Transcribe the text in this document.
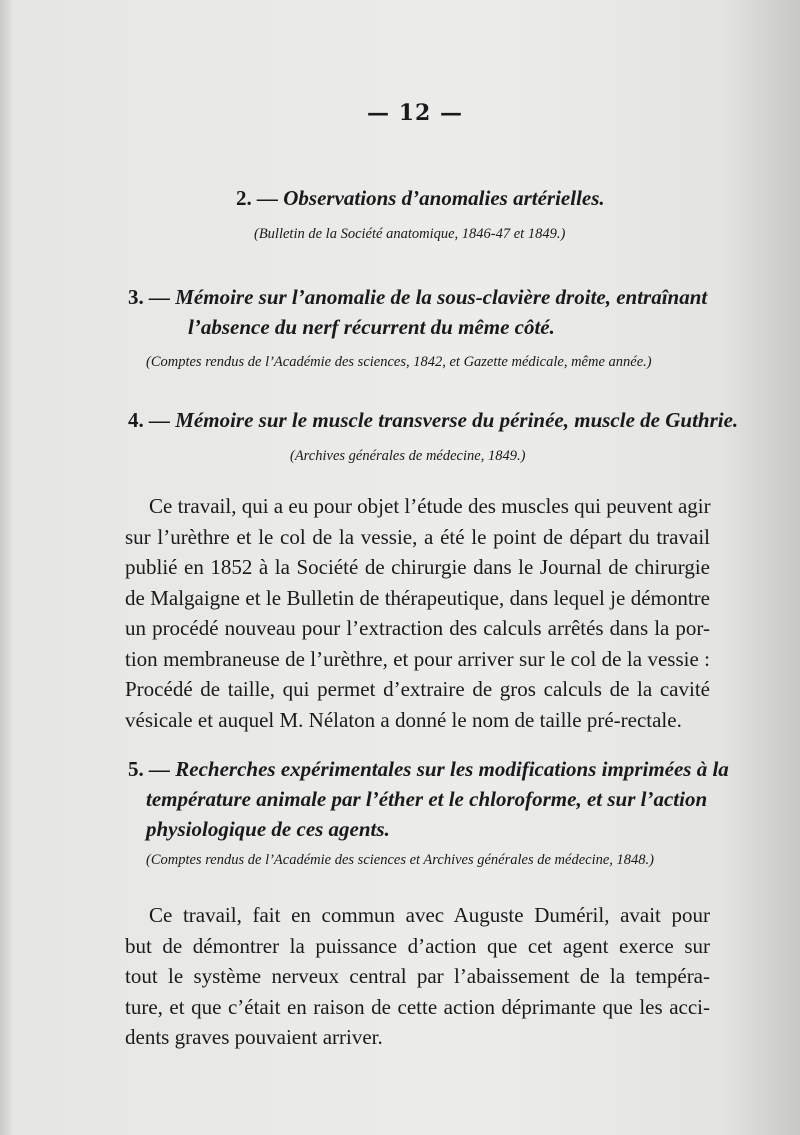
— 12 —
2. — Observations d’anomalies artérielles.
(Bulletin de la Société anatomique, 1846-47 et 1849.)
3. — Mémoire sur l’anomalie de la sous-clavière droite, entraînant
l’absence du nerf récurrent du même côté.
(Comptes rendus de l’Académie des sciences, 1842, et Gazette médicale, même année.)
4. — Mémoire sur le muscle transverse du périnée, muscle de Guthrie.
(Archives générales de médecine, 1849.)
Ce travail, qui a eu pour objet l’étude des muscles qui peuvent agir
sur l’urèthre et le col de la vessie, a été le point de départ du travail
publié en 1852 à la Société de chirurgie dans le Journal de chirurgie
de Malgaigne et le Bulletin de thérapeutique, dans lequel je démontre
un procédé nouveau pour l’extraction des calculs arrêtés dans la por-
tion membraneuse de l’urèthre, et pour arriver sur le col de la vessie :
Procédé de taille, qui permet d’extraire de gros calculs de la cavité
vésicale et auquel M. Nélaton a donné le nom de taille pré-rectale.
5. — Recherches expérimentales sur les modifications imprimées à la
température animale par l’éther et le chloroforme, et sur l’action
physiologique de ces agents.
(Comptes rendus de l’Académie des sciences et Archives générales de médecine, 1848.)
Ce travail, fait en commun avec Auguste Duméril, avait pour
but de démontrer la puissance d’action que cet agent exerce sur
tout le système nerveux central par l’abaissement de la tempéra-
ture, et que c’était en raison de cette action déprimante que les acci-
dents graves pouvaient arriver.
